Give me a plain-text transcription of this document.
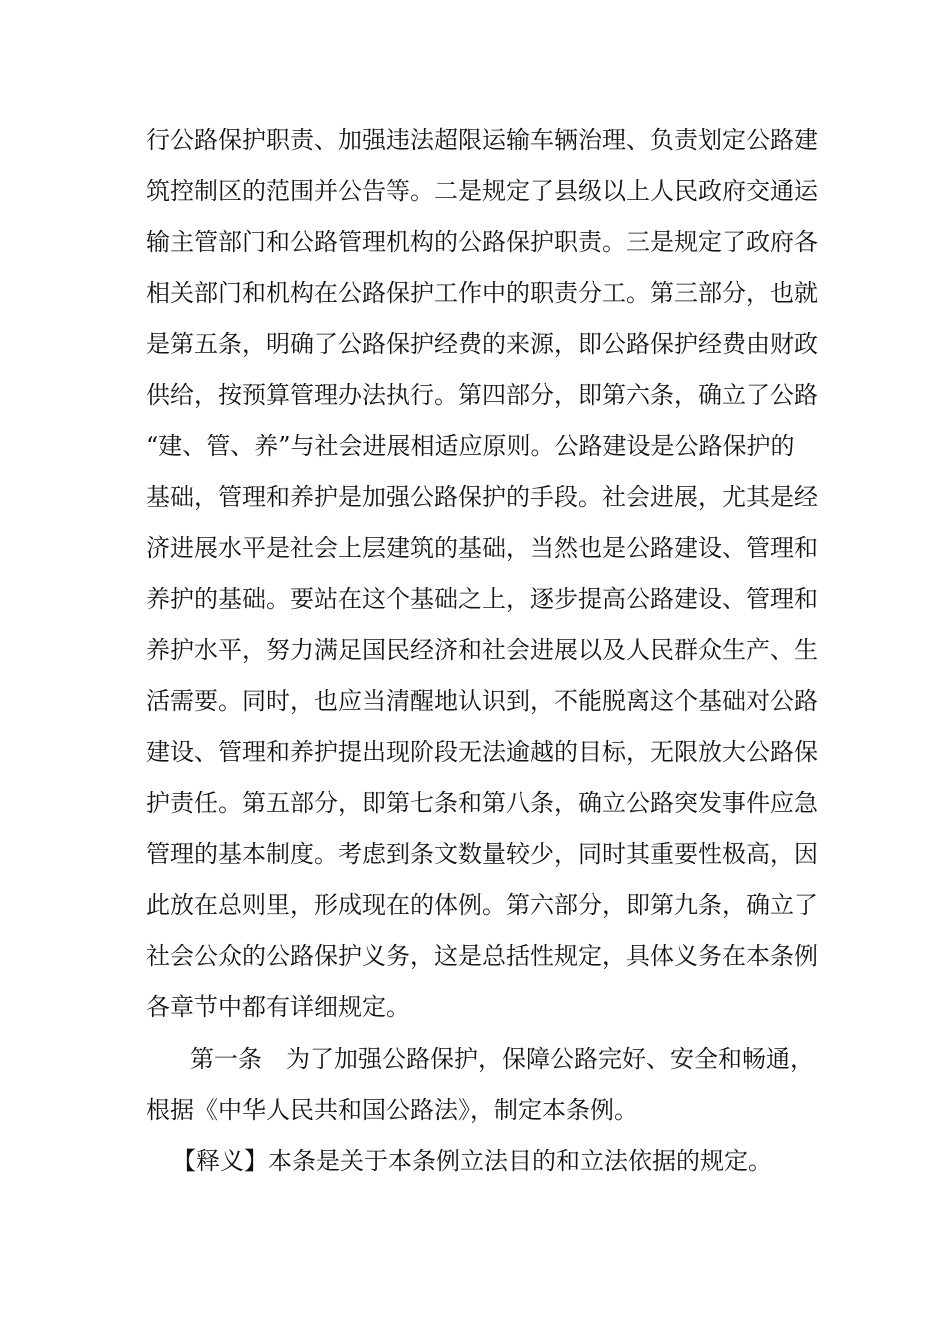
行公路保护职责、加强违法超限运输车辆治理、负责划定公路建
筑控制区的范围并公告等。二是规定了县级以上人民政府交通运
输主管部门和公路管理机构的公路保护职责。三是规定了政府各
相关部门和机构在公路保护工作中的职责分工。第三部分，也就
是第五条，明确了公路保护经费的来源，即公路保护经费由财政
供给，按预算管理办法执行。第四部分，即第六条，确立了公路
“建、管、养”与社会进展相适应原则。公路建设是公路保护的
基础，管理和养护是加强公路保护的手段。社会进展，尤其是经
济进展水平是社会上层建筑的基础，当然也是公路建设、管理和
养护的基础。要站在这个基础之上，逐步提高公路建设、管理和
养护水平，努力满足国民经济和社会进展以及人民群众生产、生
活需要。同时，也应当清醒地认识到，不能脱离这个基础对公路
建设、管理和养护提出现阶段无法逾越的目标，无限放大公路保
护责任。第五部分，即第七条和第八条，确立公路突发事件应急
管理的基本制度。考虑到条文数量较少，同时其重要性极高，因
此放在总则里，形成现在的体例。第六部分，即第九条，确立了
社会公众的公路保护义务，这是总括性规定，具体义务在本条例
各章节中都有详细规定。
第一条　为了加强公路保护，保障公路完好、安全和畅通，
根据《中华人民共和国公路法》，制定本条例。
【释义】本条是关于本条例立法目的和立法依据的规定。
